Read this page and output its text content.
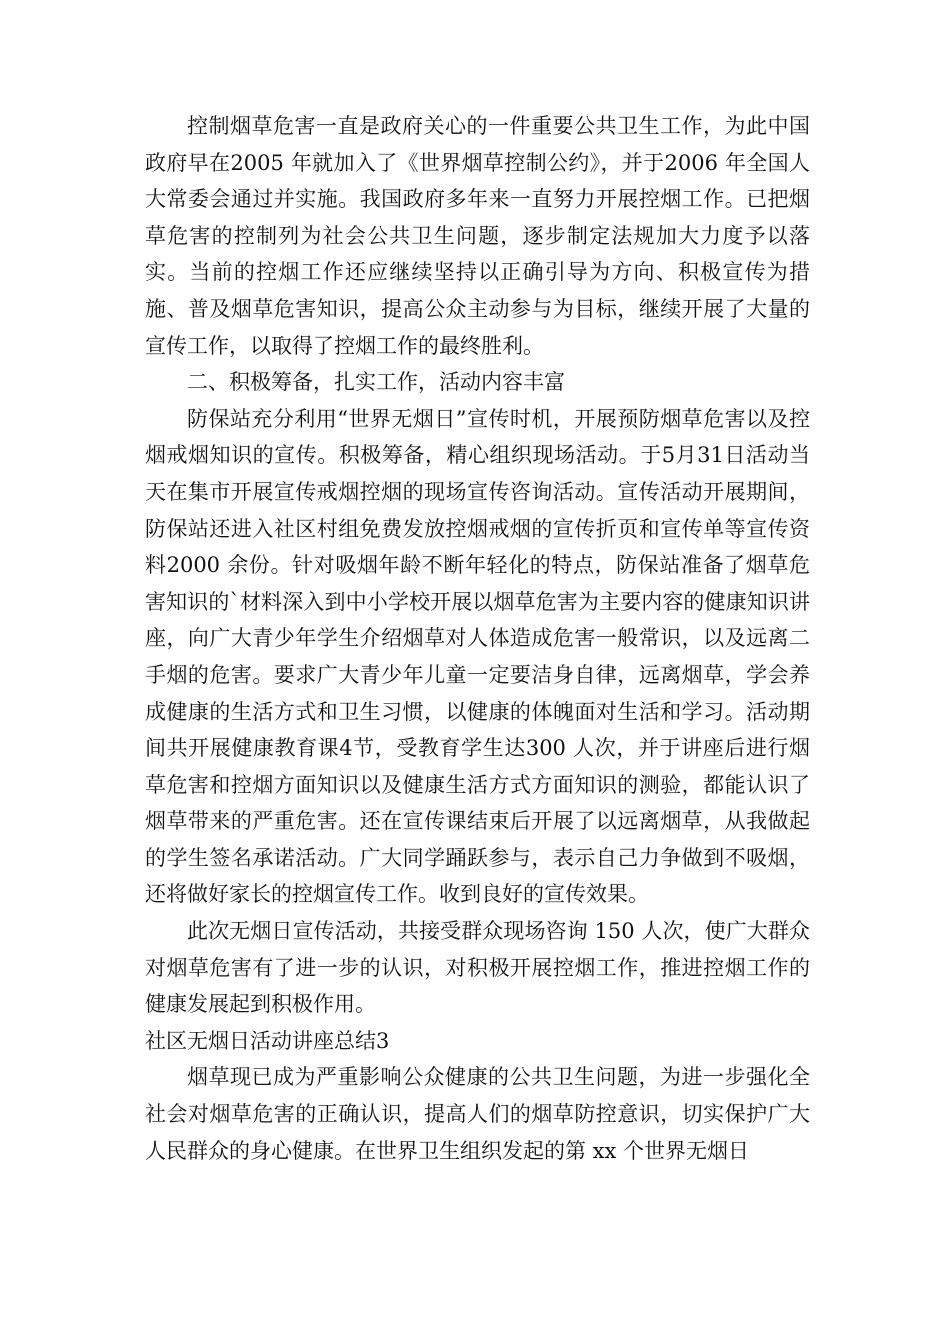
控制烟草危害一直是政府关心的一件重要公共卫生工作，为此中国政府早在2005 年就加入了《世界烟草控制公约》，并于2006 年全国人大常委会通过并实施。我国政府多年来一直努力开展控烟工作。已把烟草危害的控制列为社会公共卫生问题，逐步制定法规加大力度予以落实。当前的控烟工作还应继续坚持以正确引导为方向、积极宣传为措施、普及烟草危害知识，提高公众主动参与为目标，继续开展了大量的宣传工作，以取得了控烟工作的最终胜利。

二、积极筹备，扎实工作，活动内容丰富

防保站充分利用“世界无烟日”宣传时机，开展预防烟草危害以及控烟戒烟知识的宣传。积极筹备，精心组织现场活动。于5月31日活动当天在集市开展宣传戒烟控烟的现场宣传咨询活动。宣传活动开展期间，防保站还进入社区村组免费发放控烟戒烟的宣传折页和宣传单等宣传资料2000 余份。针对吸烟年龄不断年轻化的特点，防保站准备了烟草危害知识的`材料深入到中小学校开展以烟草危害为主要内容的健康知识讲座，向广大青少年学生介绍烟草对人体造成危害一般常识，以及远离二手烟的危害。要求广大青少年儿童一定要洁身自律，远离烟草，学会养成健康的生活方式和卫生习惯，以健康的体魄面对生活和学习。活动期间共开展健康教育课4节，受教育学生达300 人次，并于讲座后进行烟草危害和控烟方面知识以及健康生活方式方面知识的测验，都能认识了烟草带来的严重危害。还在宣传课结束后开展了以远离烟草，从我做起的学生签名承诺活动。广大同学踊跃参与，表示自己力争做到不吸烟，还将做好家长的控烟宣传工作。收到良好的宣传效果。

此次无烟日宣传活动，共接受群众现场咨询 150 人次，使广大群众对烟草危害有了进一步的认识，对积极开展控烟工作，推进控烟工作的健康发展起到积极作用。

社区无烟日活动讲座总结3

烟草现已成为严重影响公众健康的公共卫生问题，为进一步强化全社会对烟草危害的正确认识，提高人们的烟草防控意识，切实保护广大人民群众的身心健康。在世界卫生组织发起的第 xx 个世界无烟日
